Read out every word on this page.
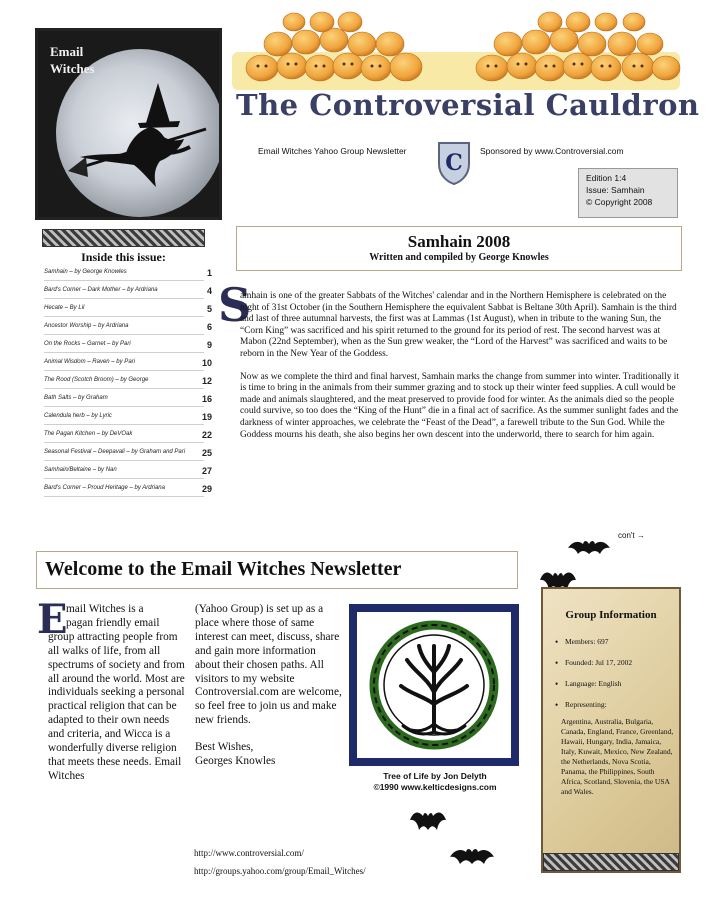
Email
Witches
The Controversial Cauldron
Email Witches Yahoo Group Newsletter C Sponsored by www.Controversial.com
Edition 1:4
Issue: Samhain
© Copyright 2008
Inside this issue:
Samhain – by George Knowles	1
Bard's Corner – Dark Mother – by Ardriana	4
Hecate – By Lil	5
Ancestor Worship – by Ardriana	6
On the Rocks – Garnet – by Pari	9
Animal Wisdom – Raven – by Pari	10
The Rood (Scotch Broom) – by George	12
Bath Salts – by Graham	16
Calendula herb – by Lyric	19
The Pagan Kitchen – by DeVOak	22
Seasonal Festival – Deepavali – by Graham and Pari 25
Samhain/Beltaine – by Nan	27
Bard's Corner – Proud Heritage – by Ardriana	29
Samhain 2008
Written and compiled by George Knowles
S

amhain is one of the greater Sabbats of the Witches' calendar and in the Northern Hemisphere is celebrated on the night of 31st October (in the Southern Hemisphere the equivalent Sabbat is Beltane 30th April). Samhain is the third and last of three autumnal harvests, the first was at Lammas (1st August), when in tribute to the waning Sun, the “Corn King” was sacrificed and his spirit returned to the ground for its period of rest. The second harvest was at Mabon (22nd September), when as the Sun grew weaker, the “Lord of the Harvest” was sacrificed and waits to be reborn in the New Year of the Goddess.

Now as we complete the third and final harvest, Samhain marks the change from summer into winter. Traditionally it is time to bring in the animals from their summer grazing and to stock up their winter feed supplies. A cull would be made and animals slaughtered, and the meat preserved to provide food for winter. As the animals died so the people could survive, so too does the “King of the Hunt” die in a final act of sacrifice. As the summer sunlight fades and the darkness of winter approaches, we celebrate the “Feast of the Dead”, a farewell tribute to the Sun God. While the Goddess mourns his death, she also begins her own descent into the underworld, there to search for him again.

con't →
Welcome to the Email Witches Newsletter
E
mail Witches is a
pagan friendly email
group attracting people from all walks of life, from all spectrums of society and from all around the world. Most are individuals seeking a personal practical religion that can be adapted to their own needs and criteria, and Wicca is a wonderfully diverse religion that meets these needs. Email Witches

(Yahoo Group) is set up as a place where those of same interest can meet, discuss, share and gain more information about their chosen paths. All visitors to my website Controversial.com are welcome, so feel free to join us and make new friends.

Best Wishes,
Georges Knowles
http://www.controversial.com/
http://groups.yahoo.com/group/Email_Witches/
Tree of Life by Jon Delyth
©1990 www.kelticdesigns.com
Group Information
• Members: 697
• Founded: Jul 17, 2002
• Language: English
• Representing:
Argentina, Australia, Bulgaria, Canada, England, France, Greenland, Hawaii, Hungary, India, Jamaica, Italy, Kuwait, Mexico, New Zealand, the Netherlands, Nova Scotia, Panama, the Philippines, South Africa, Scotland, Slovenia, the USA and Wales.
